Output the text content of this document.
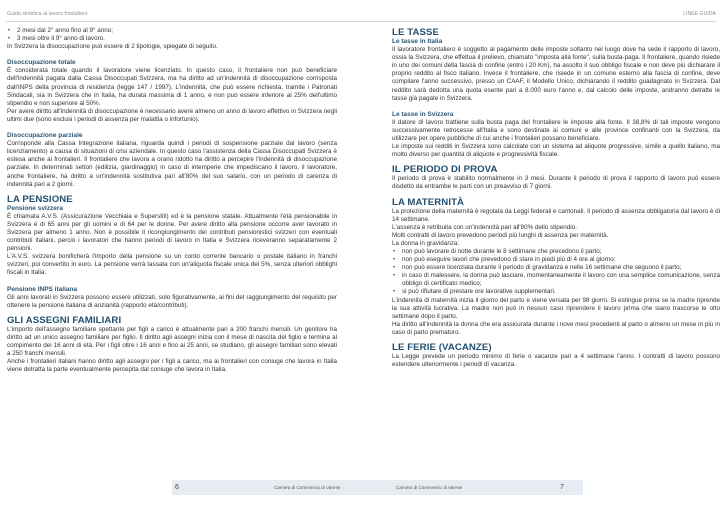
Guida sintetica al lavoro frontaliero
• 2 mesi dal 2° anno fino al 9° anno;
• 3 mesi oltre il 9° anno di lavoro.

In Svizzera la disoccupazione può essere di 2 tipologie, spiegate di seguito.

Disoccupazione totale

È considerata totale quando il lavoratore viene licenziato. In questo caso, il frontaliere non può beneficiare dell'indennità pagata dalla Cassa Disoccupati Svizzera, ma ha diritto ad un'indennità di disoccupazione corrisposta dall'INPS della provincia di residenza (legge 147 / 1997). L'indennità, che può essere richiesta, tramite i Patronati Sindacali, sia in Svizzera che in Italia, ha durata massima di 1 anno, e non può essere inferiore al 25% dell'ultimo stipendio e non superiore al 50%.

Per avere diritto all'indennità di disoccupazione è necessario avere almeno un anno di lavoro effettivo in Svizzera negli ultimi due (sono esclusi i periodi di assenza per malattia o infortunio).

Disoccupazione parziale

Corrisponde alla Cassa Integrazione italiana, riguarda quindi i periodi di sospensione parziale dal lavoro (senza licenziamento) a causa di situazioni di crisi aziendale. In questo caso l'assistenza della Cassa Disoccupati Svizzera è estesa anche ai frontalieri. Il frontaliere che lavora a orario ridotto ha diritto a percepire l'indennità di disoccupazione parziale. In determinati settori (edilizia, giardinaggio) in caso di intemperie che impediscano il lavoro, il lavoratore, anche frontaliere, ha diritto a un'indennità sostitutiva pari all'80% del suo salario, con un periodo di carenza di indennità pari a 2 giorni.

LA PENSIONE
Pensione svizzera

È chiamata A.V.S. (Assicurazione Vecchiaia e Superstiti) ed è la pensione statale. Attualmente l'età pensionabile in Svizzera è di 65 anni per gli uomini e di 64 per le donne. Per avere diritto alla pensione occorre aver lavorato in Svizzera per almeno 1 anno. Non è possibile il ricongiungimento dei contributi pensionistici svizzeri con eventuali contributi italiani, perciò i lavoratori che hanno periodi di lavoro in Italia e Svizzera riceveranno separatamente 2 pensioni.

L'A.V.S. svizzera bonificherà l'importo della pensione su un conto corrente bancario o postale italiano in franchi svizzeri, poi convertito in euro. La pensione verrà tassata con un'aliquota fiscale unica del 5%, senza ulteriori obblighi fiscali in Italia.

Pensione INPS italiana

Gli anni lavorati in Svizzera possono essere utilizzati, solo figurativamente, ai fini del raggiungimento del requisito per ottenere la pensione italiana di anzianità (rapporto età/contributi).

GLI ASSEGNI FAMILIARI

L'importo dell'assegno familiare spettante per figli a carico è attualmente pari a 200 franchi mensili. Un genitore ha diritto ad un unico assegno familiare per figlio. Il diritto agli assegni inizia con il mese di nascita del figlio e termina al compimento dei 16 anni di età. Per i figli oltre i 16 anni e fino ai 25 anni, se studiano, gli assegni familiari sono elevati a 250 franchi mensili.

Anche i frontalieri italiani hanno diritto agli assegni per i figli a carico, ma ai frontalieri con coniuge che lavora in Italia viene detratta la parte eventualmente percepita dal coniuge che lavora in Italia.

6	Camera di Commercio di Varese
LINEE GUIDA
LE TASSE
Le tasse in Italia

Il lavoratore frontaliero è soggetto al pagamento delle imposte soltanto nel luogo dove ha sede il rapporto di lavoro, ossia la Svizzera, che effettua il prelievo, chiamato "imposta alla fonte", sulla busta-paga. Il frontaliere, quando risiede in uno dei comuni della fascia di confine (entro i 20 Km), ha assolto il suo obbligo fiscale e non deve più dichiarare il proprio reddito al fisco italiano. Invece il frontaliere, che risiede in un comune esterno alla fascia di confine, deve compilare l'anno successivo, presso un CAAF, il Modello Unico, dichiarando il reddito guadagnato in Svizzera. Dal reddito sarà dedotta una quota esente pari a 8.000 euro l'anno e, dal calcolo delle imposte, andranno detratte le tasse già pagate in Svizzera.

Le tasse in Svizzera

Il datore di lavoro trattiene sulla busta paga del frontaliere le imposte alla fonte. Il 38,8% di tali imposte vengono successivamente retrocesse all'Italia e sono destinate ai comuni e alle province confinanti con la Svizzera, da utilizzare per opere pubbliche di cui anche i frontalieri possano beneficiare.

Le imposte sui redditi in Svizzera sono calcolate con un sistema ad aliquote progressive, simile a quello italiano, ma molto diverso per quantità di aliquote e progressività fiscale.

IL PERIODO DI PROVA

Il periodo di prova è stabilito normalmente in 3 mesi. Durante il periodo di prova il rapporto di lavoro può essere disdetto da entrambe le parti con un preavviso di 7 giorni.

LA MATERNITÀ

La protezione della maternità è regolata da Leggi federali e cantonali. Il periodo di assenza obbligatoria dal lavoro è di 14 settimane.

L'assenza è retribuita con un'indennità pari all'80% dello stipendio.

Molti contratti di lavoro prevedono periodi più lunghi di assenza per maternità.

La donna in gravidanza:

• non può lavorare di notte durante le 8 settimane che precedono il parto;
• non può eseguire lavori che prevedono di stare in piedi più di 4 ore al giorno;
• non può essere licenziata durante il periodo di gravidanza e nelle 16 settimane che seguono il parto;
• in caso di malessere, la donna può lasciare, momentaneamente il lavoro con una semplice comunicazione, senza obbligo di certificato medico;
• si può rifiutare di prestare ore lavorative supplementari.

L'indennità di maternità inizia il giorno del parto e viene versata per 98 giorni. Si estingue prima se la madre riprende la sua attività lucrativa. La madre non può in nessun caso riprendere il lavoro prima che siano trascorse le otto settimane dopo il parto.

Ha diritto all'indennità la donna che era assicurata durante i nove mesi precedenti al parto o almeno un mese in più in caso di parto prematuro.

LE FERIE (VACANZE)

La Legge prevede un periodo minimo di ferie o vacanze pari a 4 settimane l'anno. I contratti di lavoro possono estendere ulteriormente i periodi di vacanza.

Camera di Commercio di Varese	7
